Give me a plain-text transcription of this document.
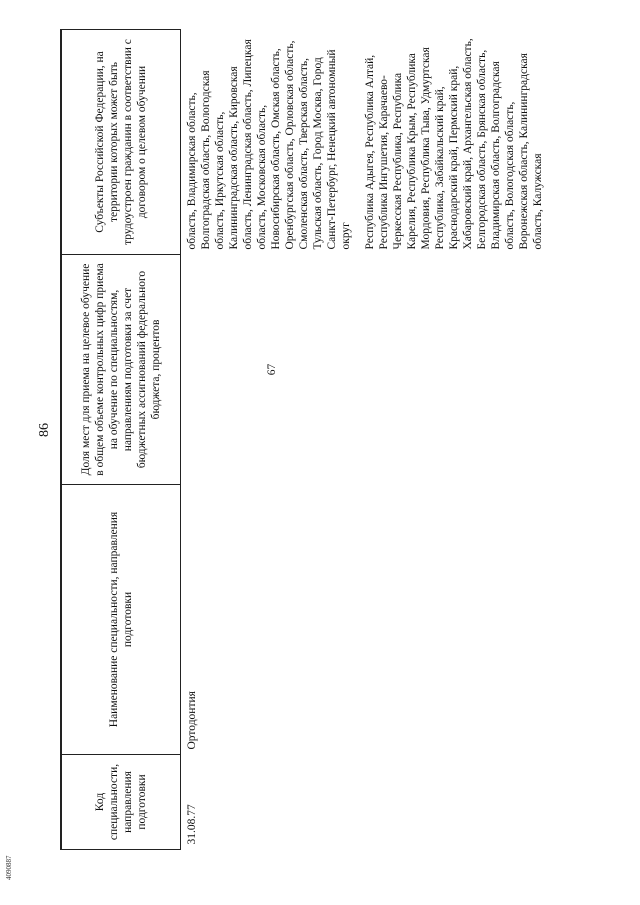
86
4090887
Код специальности, направления подготовки	Наименование специальности, направления подготовки	Доля мест для приема на целевое обучение в общем объеме контрольных цифр приема на обучение по специальностям, направлениям подготовки за счет бюджетных ассигнований федерального бюджета, процентов	Субъекты Российской Федерации, на территории которых может быть трудоустроен гражданин в соответствии с договором о целевом обучении
31.08.77	Ортодонтия	67	область, Владимирская область, Волгоградская область, Вологодская область, Иркутская область, Калининградская область, Кировская область, Ленинградская область, Липецкая область, Московская область, Новосибирская область, Омская область, Оренбургская область, Орловская область, Смоленская область, Тверская область, Тульская область, Город Москва, Город Санкт-Петербург, Ненецкий автономный округ Республика Адыгея, Республика Алтай, Республика Ингушетия, Карачаево-Черкесская Республика, Республика Карелия, Республика Крым, Республика Мордовия, Республика Тыва, Удмуртская Республика, Забайкальский край, Краснодарский край, Пермский край, Хабаровский край, Архангельская область, Белгородская область, Брянская область, Владимирская область, Волгоградская область, Вологодская область, Воронежская область, Калининградская область, Калужская
